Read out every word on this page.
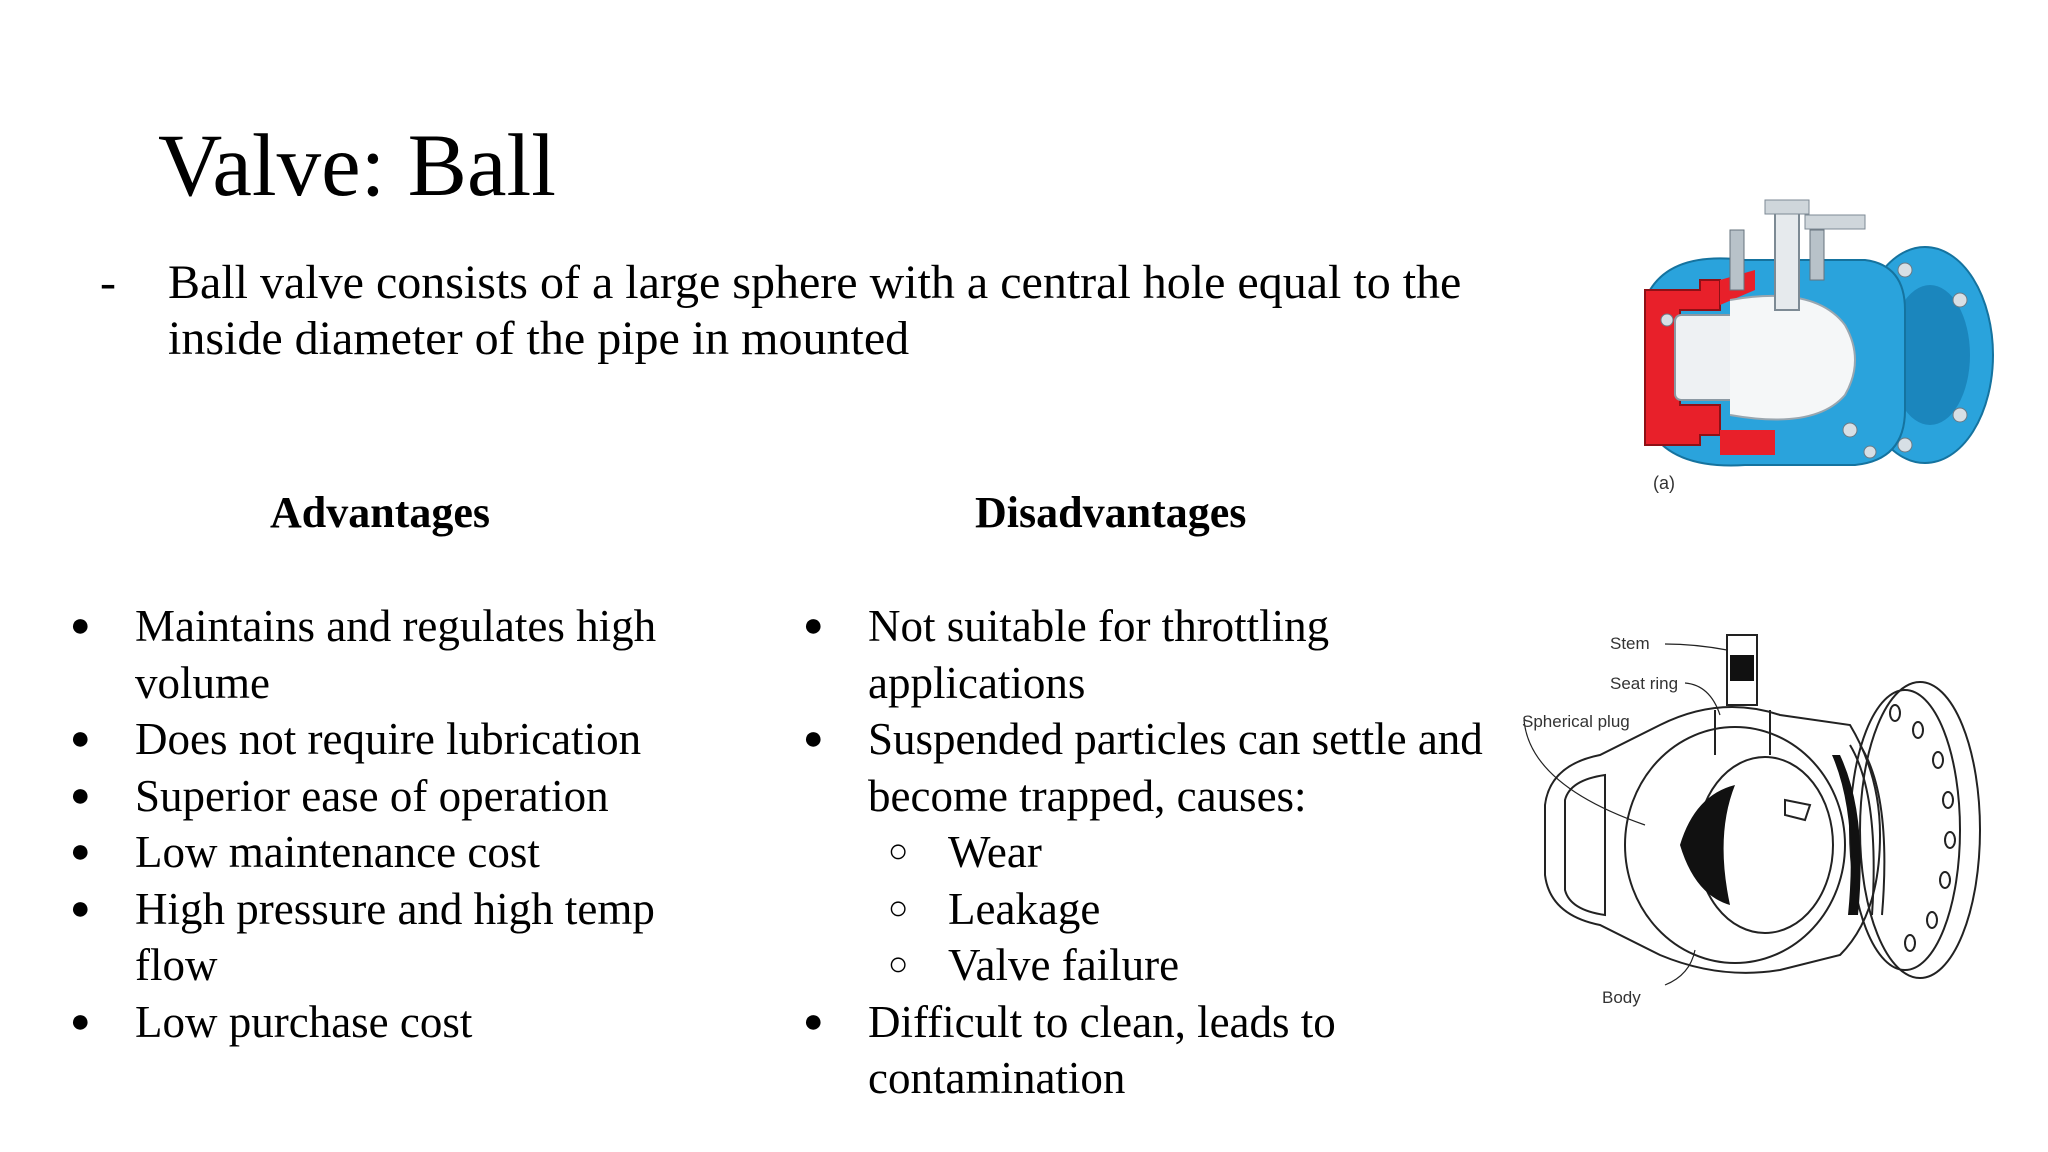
Valve: Ball
- Ball valve consists of a large sphere with a central hole equal to the inside diameter of the pipe in mounted
Advantages	Disadvantages
● Maintains and regulates high volume
● Does not require lubrication
● Superior ease of operation
● Low maintenance cost
● High pressure and high temp flow
● Low purchase cost
● Not suitable for throttling applications
● Suspended particles can settle and become trapped, causes:
○ Wear
○ Leakage
○ Valve failure
● Difficult to clean, leads to contamination
(a)
Stem
Seat ring
Spherical plug
Body
